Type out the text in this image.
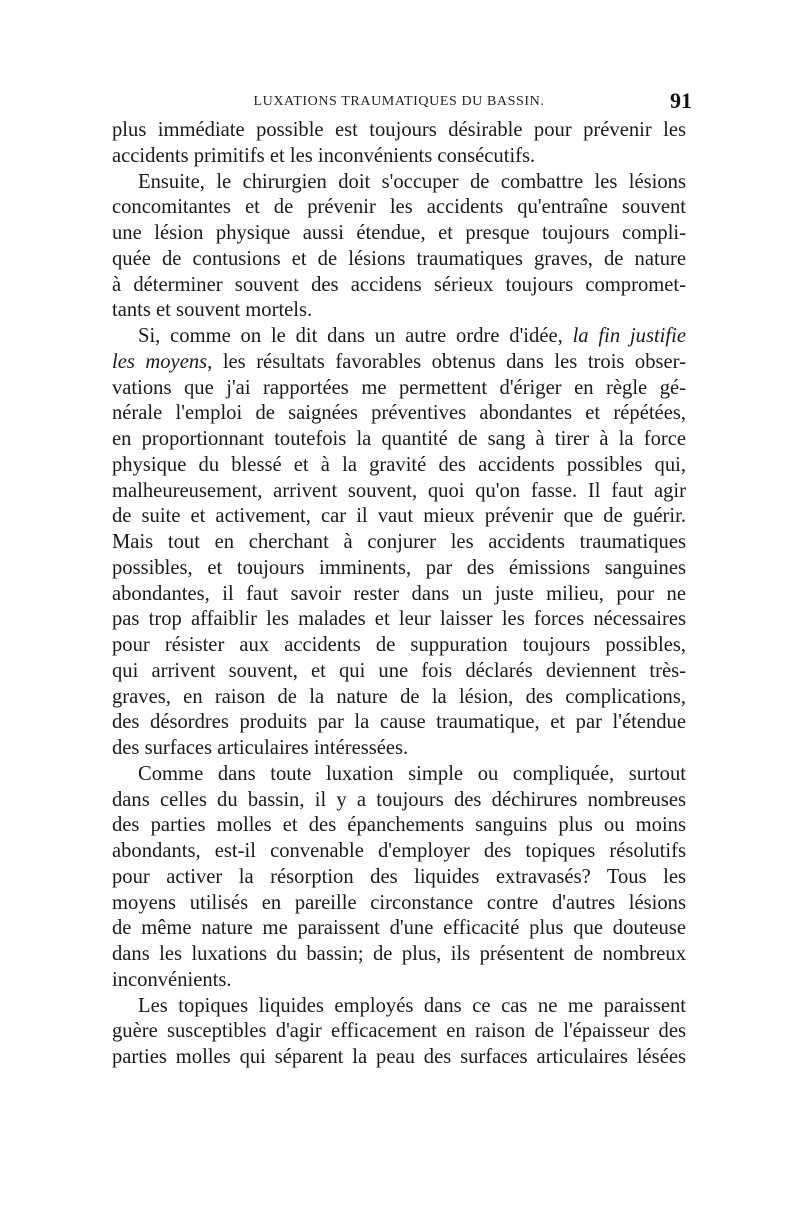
LUXATIONS TRAUMATIQUES DU BASSIN.	91

plus immédiate possible est toujours désirable pour prévenir les
accidents primitifs et les inconvénients consécutifs.

Ensuite, le chirurgien doit s'occuper de combattre les lésions
concomitantes et de prévenir les accidents qu'entraîne souvent
une lésion physique aussi étendue, et presque toujours compli-
quée de contusions et de lésions traumatiques graves, de nature
à déterminer souvent des accidens sérieux toujours compromet-
tants et souvent mortels.

Si, comme on le dit dans un autre ordre d'idée, la fin justifie
les moyens, les résultats favorables obtenus dans les trois obser-
vations que j'ai rapportées me permettent d'ériger en règle gé-
nérale l'emploi de saignées préventives abondantes et répétées,
en proportionnant toutefois la quantité de sang à tirer à la force
physique du blessé et à la gravité des accidents possibles qui,
malheureusement, arrivent souvent, quoi qu'on fasse. Il faut agir
de suite et activement, car il vaut mieux prévenir que de guérir.
Mais tout en cherchant à conjurer les accidents traumatiques
possibles, et toujours imminents, par des émissions sanguines
abondantes, il faut savoir rester dans un juste milieu, pour ne
pas trop affaiblir les malades et leur laisser les forces nécessaires
pour résister aux accidents de suppuration toujours possibles,
qui arrivent souvent, et qui une fois déclarés deviennent très-
graves, en raison de la nature de la lésion, des complications,
des désordres produits par la cause traumatique, et par l'étendue
des surfaces articulaires intéressées.

Comme dans toute luxation simple ou compliquée, surtout
dans celles du bassin, il y a toujours des déchirures nombreuses
des parties molles et des épanchements sanguins plus ou moins
abondants, est-il convenable d'employer des topiques résolutifs
pour activer la résorption des liquides extravasés? Tous les
moyens utilisés en pareille circonstance contre d'autres lésions
de même nature me paraissent d'une efficacité plus que douteuse
dans les luxations du bassin; de plus, ils présentent de nombreux
inconvénients.

Les topiques liquides employés dans ce cas ne me paraissent
guère susceptibles d'agir efficacement en raison de l'épaisseur des
parties molles qui séparent la peau des surfaces articulaires lésées
